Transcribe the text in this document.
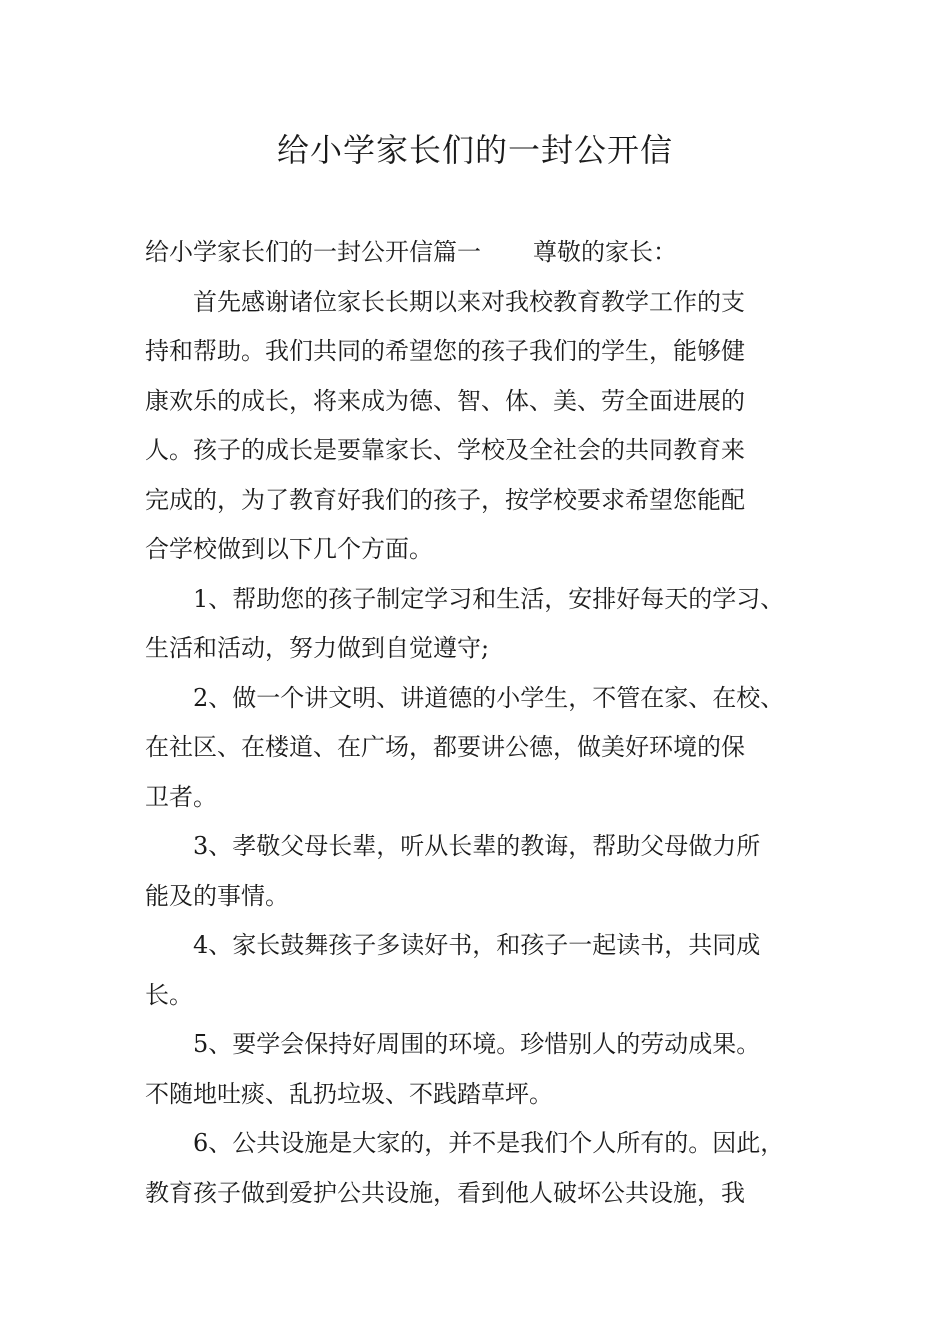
给小学家长们的一封公开信

给小学家长们的一封公开信篇一 尊敬的家长：

首先感谢诸位家长长期以来对我校教育教学工作的支
持和帮助。我们共同的希望您的孩子我们的学生，能够健
康欢乐的成长，将来成为德、智、体、美、劳全面进展的
人。孩子的成长是要靠家长、学校及全社会的共同教育来
完成的，为了教育好我们的孩子，按学校要求希望您能配
合学校做到以下几个方面。

1、帮助您的孩子制定学习和生活，安排好每天的学习、
生活和活动，努力做到自觉遵守;

2、做一个讲文明、讲道德的小学生，不管在家、在校、
在社区、在楼道、在广场，都要讲公德，做美好环境的保
卫者。

3、孝敬父母长辈，听从长辈的教诲，帮助父母做力所
能及的事情。

4、家长鼓舞孩子多读好书，和孩子一起读书，共同成
长。

5、要学会保持好周围的环境。珍惜别人的劳动成果。
不随地吐痰、乱扔垃圾、不践踏草坪。

6、公共设施是大家的，并不是我们个人所有的。因此，
教育孩子做到爱护公共设施，看到他人破坏公共设施，我
